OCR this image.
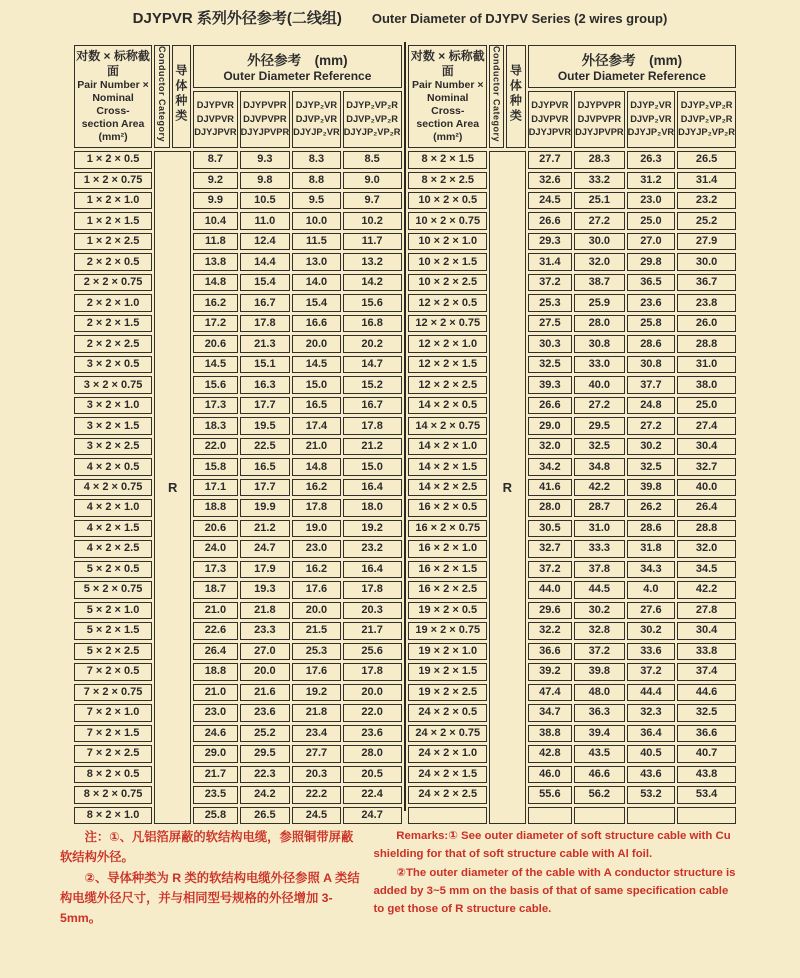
DJYPVR 系列外径参考(二线组) Outer Diameter of DJYPV Series (2 wires group)
对数 × 标称截面
Pair Number ×
Nominal Cross-
section Area
(mm²)	Conductor Category	导体种类	
外径参考　(mm)
Outer Diameter Reference

DJYPVR
DJVPVR
DJYJPVR

DJYPVPR
DJVPVPR
DJYJPVPR

DJYP₂VR
DJVP₂VR
DJYJP₂VR

DJYP₂VP₂R
DJVP₂VP₂R
DJYJP₂VP₂R

1 × 2 × 0.5	R		8.7	9.3	8.3	8.5
1 × 2 × 0.75			9.2	9.8	8.8	9.0
1 × 2 × 1.0			9.9	10.5	9.5	9.7
1 × 2 × 1.5			10.4	11.0	10.0	10.2
1 × 2 × 2.5			11.8	12.4	11.5	11.7
2 × 2 × 0.5			13.8	14.4	13.0	13.2
2 × 2 × 0.75			14.8	15.4	14.0	14.2
2 × 2 × 1.0			16.2	16.7	15.4	15.6
2 × 2 × 1.5			17.2	17.8	16.6	16.8
2 × 2 × 2.5			20.6	21.3	20.0	20.2
3 × 2 × 0.5			14.5	15.1	14.5	14.7
3 × 2 × 0.75			15.6	16.3	15.0	15.2
3 × 2 × 1.0			17.3	17.7	16.5	16.7
3 × 2 × 1.5			18.3	19.5	17.4	17.8
3 × 2 × 2.5			22.0	22.5	21.0	21.2
4 × 2 × 0.5			15.8	16.5	14.8	15.0
4 × 2 × 0.75			17.1	17.7	16.2	16.4
4 × 2 × 1.0			18.8	19.9	17.8	18.0
4 × 2 × 1.5			20.6	21.2	19.0	19.2
4 × 2 × 2.5			24.0	24.7	23.0	23.2
5 × 2 × 0.5			17.3	17.9	16.2	16.4
5 × 2 × 0.75			18.7	19.3	17.6	17.8
5 × 2 × 1.0			21.0	21.8	20.0	20.3
5 × 2 × 1.5			22.6	23.3	21.5	21.7
5 × 2 × 2.5			26.4	27.0	25.3	25.6
7 × 2 × 0.5			18.8	20.0	17.6	17.8
7 × 2 × 0.75			21.0	21.6	19.2	20.0
7 × 2 × 1.0			23.0	23.6	21.8	22.0
7 × 2 × 1.5			24.6	25.2	23.4	23.6
7 × 2 × 2.5			29.0	29.5	27.7	28.0
8 × 2 × 0.5			21.7	22.3	20.3	20.5
8 × 2 × 0.75			23.5	24.2	22.2	22.4
8 × 2 × 1.0			25.8	26.5	24.5	24.7
对数 × 标称截面
Pair Number ×
Nominal Cross-
section Area
(mm²)	Conductor Category	导体种类	
外径参考　(mm)
Outer Diameter Reference

DJYPVR
DJVPVR
DJYJPVR

DJYPVPR
DJVPVPR
DJYJPVPR

DJYP₂VR
DJVP₂VR
DJYJP₂VR

DJYP₂VP₂R
DJVP₂VP₂R
DJYJP₂VP₂R

8 × 2 × 1.5	R		27.7	28.3	26.3	26.5
8 × 2 × 2.5			32.6	33.2	31.2	31.4
10 × 2 × 0.5			24.5	25.1	23.0	23.2
10 × 2 × 0.75			26.6	27.2	25.0	25.2
10 × 2 × 1.0			29.3	30.0	27.0	27.9
10 × 2 × 1.5			31.4	32.0	29.8	30.0
10 × 2 × 2.5			37.2	38.7	36.5	36.7
12 × 2 × 0.5			25.3	25.9	23.6	23.8
12 × 2 × 0.75			27.5	28.0	25.8	26.0
12 × 2 × 1.0			30.3	30.8	28.6	28.8
12 × 2 × 1.5			32.5	33.0	30.8	31.0
12 × 2 × 2.5			39.3	40.0	37.7	38.0
14 × 2 × 0.5			26.6	27.2	24.8	25.0
14 × 2 × 0.75			29.0	29.5	27.2	27.4
14 × 2 × 1.0			32.0	32.5	30.2	30.4
14 × 2 × 1.5			34.2	34.8	32.5	32.7
14 × 2 × 2.5			41.6	42.2	39.8	40.0
16 × 2 × 0.5			28.0	28.7	26.2	26.4
16 × 2 × 0.75			30.5	31.0	28.6	28.8
16 × 2 × 1.0			32.7	33.3	31.8	32.0
16 × 2 × 1.5			37.2	37.8	34.3	34.5
16 × 2 × 2.5			44.0	44.5	4.0	42.2
19 × 2 × 0.5			29.6	30.2	27.6	27.8
19 × 2 × 0.75			32.2	32.8	30.2	30.4
19 × 2 × 1.0			36.6	37.2	33.6	33.8
19 × 2 × 1.5			39.2	39.8	37.2	37.4
19 × 2 × 2.5			47.4	48.0	44.4	44.6
24 × 2 × 0.5			34.7	36.3	32.3	32.5
24 × 2 × 0.75			38.8	39.4	36.4	36.6
24 × 2 × 1.0			42.8	43.5	40.5	40.7
24 × 2 × 1.5			46.0	46.6	43.6	43.8
24 × 2 × 2.5			55.6	56.2	53.2	53.4

注：①、凡铝箔屏蔽的软结构电缆，参照铜带屏蔽软结构外径。

②、导体种类为 R 类的软结构电缆外径参照 A 类结构电缆外径尺寸，并与相同型号规格的外径增加 3-5mm。

Remarks:① See outer diameter of soft structure cable with Cu shielding for that of soft structure cable with Al foil.

②The outer diameter of the cable with A conductor structure is added by 3~5 mm on the basis of that of same specification cable to get those of R structure cable.
